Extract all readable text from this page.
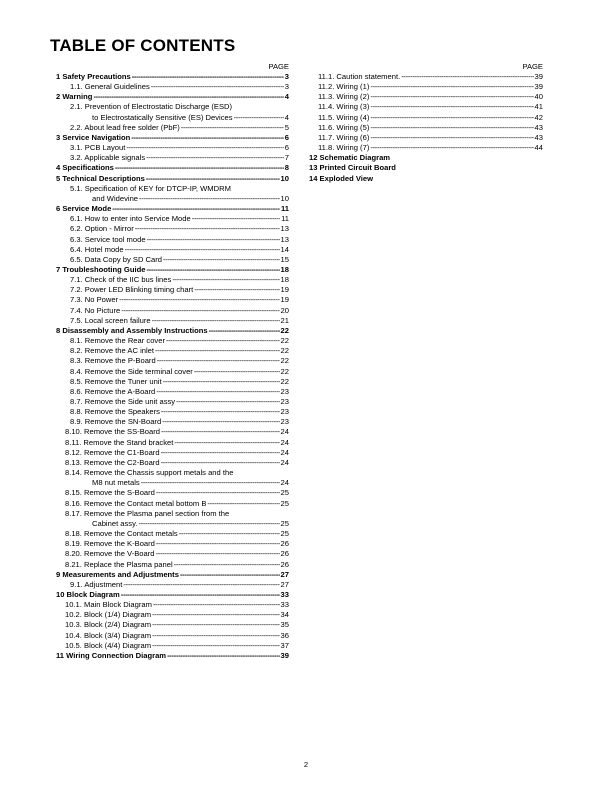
TABLE OF CONTENTS
PAGE
1 Safety Precautions -----	3
1.1. General Guidelines -----	3
2 Warning -----	4
2.1. Prevention of Electrostatic Discharge (ESD)
to Electrostatically Sensitive (ES) Devices -----	4
2.2. About lead free solder (PbF) -----	5
3 Service Navigation -----	6
3.1. PCB Layout -----	6
3.2. Applicable signals -----	7
4 Specifications -----	8
5 Technical Descriptions -----	10
5.1. Specification of KEY for DTCP-IP, WMDRM
and Widevine -----	10
6 Service Mode -----	11
6.1. How to enter into Service Mode -----	11
6.2. Option - Mirror -----	13
6.3. Service tool mode -----	13
6.4. Hotel mode -----	14
6.5. Data Copy by SD Card -----	15
7 Troubleshooting Guide -----	18
7.1. Check of the IIC bus lines -----	18
7.2. Power LED Blinking timing chart -----	19
7.3. No Power -----	19
7.4. No Picture -----	20
7.5. Local screen failure -----	21
8 Disassembly and Assembly Instructions -----	22
8.1. Remove the Rear cover -----	22
8.2. Remove the AC inlet -----	22
8.3. Remove the P-Board -----	22
8.4. Remove the Side terminal cover -----	22
8.5. Remove the Tuner unit -----	22
8.6. Remove the A-Board -----	23
8.7. Remove the Side unit assy -----	23
8.8. Remove the Speakers -----	23
8.9. Remove the SN-Board -----	23
8.10. Remove the SS-Board -----	24
8.11. Remove the Stand bracket -----	24
8.12. Remove the C1-Board -----	24
8.13. Remove the C2-Board -----	24
8.14. Remove the Chassis support metals and the
M8 nut metals -----	24
8.15. Remove the S-Board -----	25
8.16. Remove the Contact metal bottom B -----	25
8.17. Remove the Plasma panel section from the
Cabinet assy. -----	25
8.18. Remove the Contact metals -----	25
8.19. Remove the K-Board -----	26
8.20. Remove the V-Board -----	26
8.21. Replace the Plasma panel -----	26
9 Measurements and Adjustments -----	27
9.1. Adjustment -----	27
10 Block Diagram -----	33
10.1. Main Block Diagram -----	33
10.2. Block (1/4) Diagram -----	34
10.3. Block (2/4) Diagram -----	35
10.4. Block (3/4) Diagram -----	36
10.5. Block (4/4) Diagram -----	37
11 Wiring Connection Diagram -----	39
PAGE
11.1. Caution statement. -----	39
11.2. Wiring (1) -----	39
11.3. Wiring (2) -----	40
11.4. Wiring (3) -----	41
11.5. Wiring (4) -----	42
11.6. Wiring (5) -----	43
11.7. Wiring (6) -----	43
11.8. Wiring (7) -----	44
12 Schematic Diagram
13 Printed Circuit Board
14 Exploded View
2
